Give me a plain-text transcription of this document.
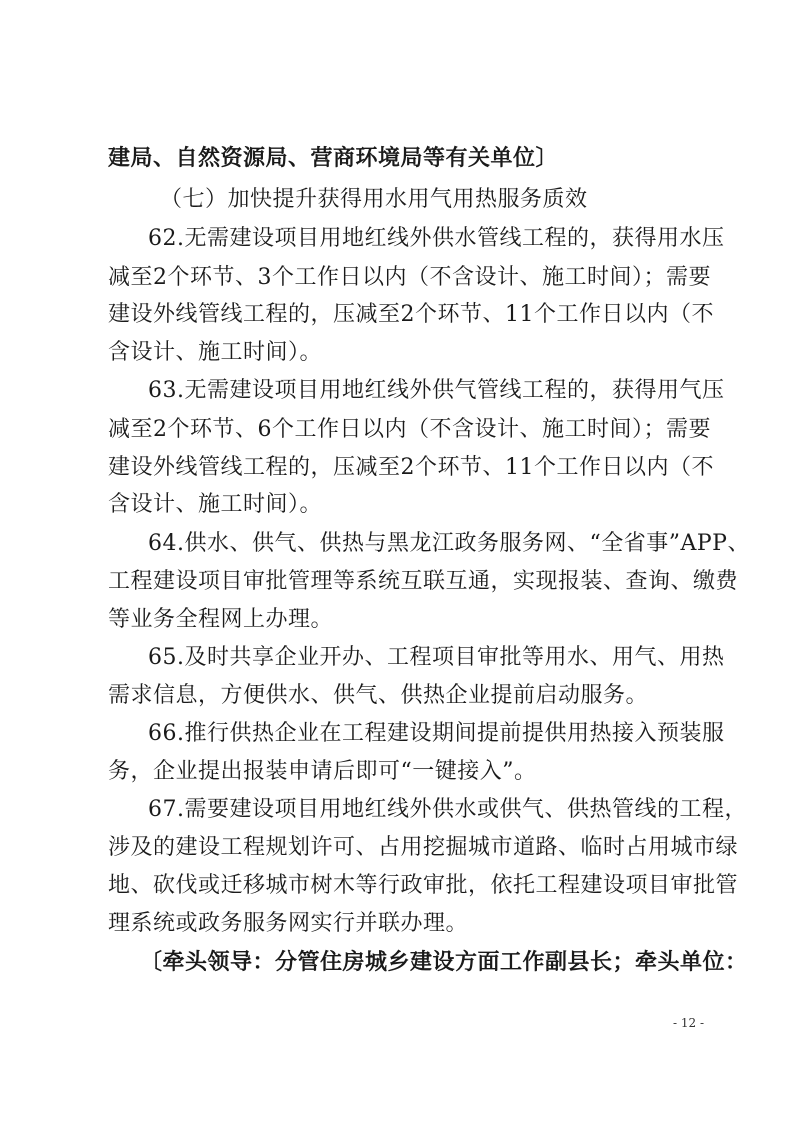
建局、自然资源局、营商环境局等有关单位〕
（七）加快提升获得用水用气用热服务质效
62.无需建设项目用地红线外供水管线工程的，获得用水压
减至2个环节、3个工作日以内（不含设计、施工时间）；需要
建设外线管线工程的，压减至2个环节、11个工作日以内（不
含设计、施工时间）。
63.无需建设项目用地红线外供气管线工程的，获得用气压
减至2个环节、6个工作日以内（不含设计、施工时间）；需要
建设外线管线工程的，压减至2个环节、11个工作日以内（不
含设计、施工时间）。
64.供水、供气、供热与黑龙江政务服务网、“全省事”APP、
工程建设项目审批管理等系统互联互通，实现报装、查询、缴费
等业务全程网上办理。
65.及时共享企业开办、工程项目审批等用水、用气、用热
需求信息，方便供水、供气、供热企业提前启动服务。
66.推行供热企业在工程建设期间提前提供用热接入预装服
务，企业提出报装申请后即可“一键接入”。
67.需要建设项目用地红线外供水或供气、供热管线的工程，
涉及的建设工程规划许可、占用挖掘城市道路、临时占用城市绿
地、砍伐或迁移城市树木等行政审批，依托工程建设项目审批管
理系统或政务服务网实行并联办理。
〔牵头领导：分管住房城乡建设方面工作副县长；牵头单位：
- 12 -
